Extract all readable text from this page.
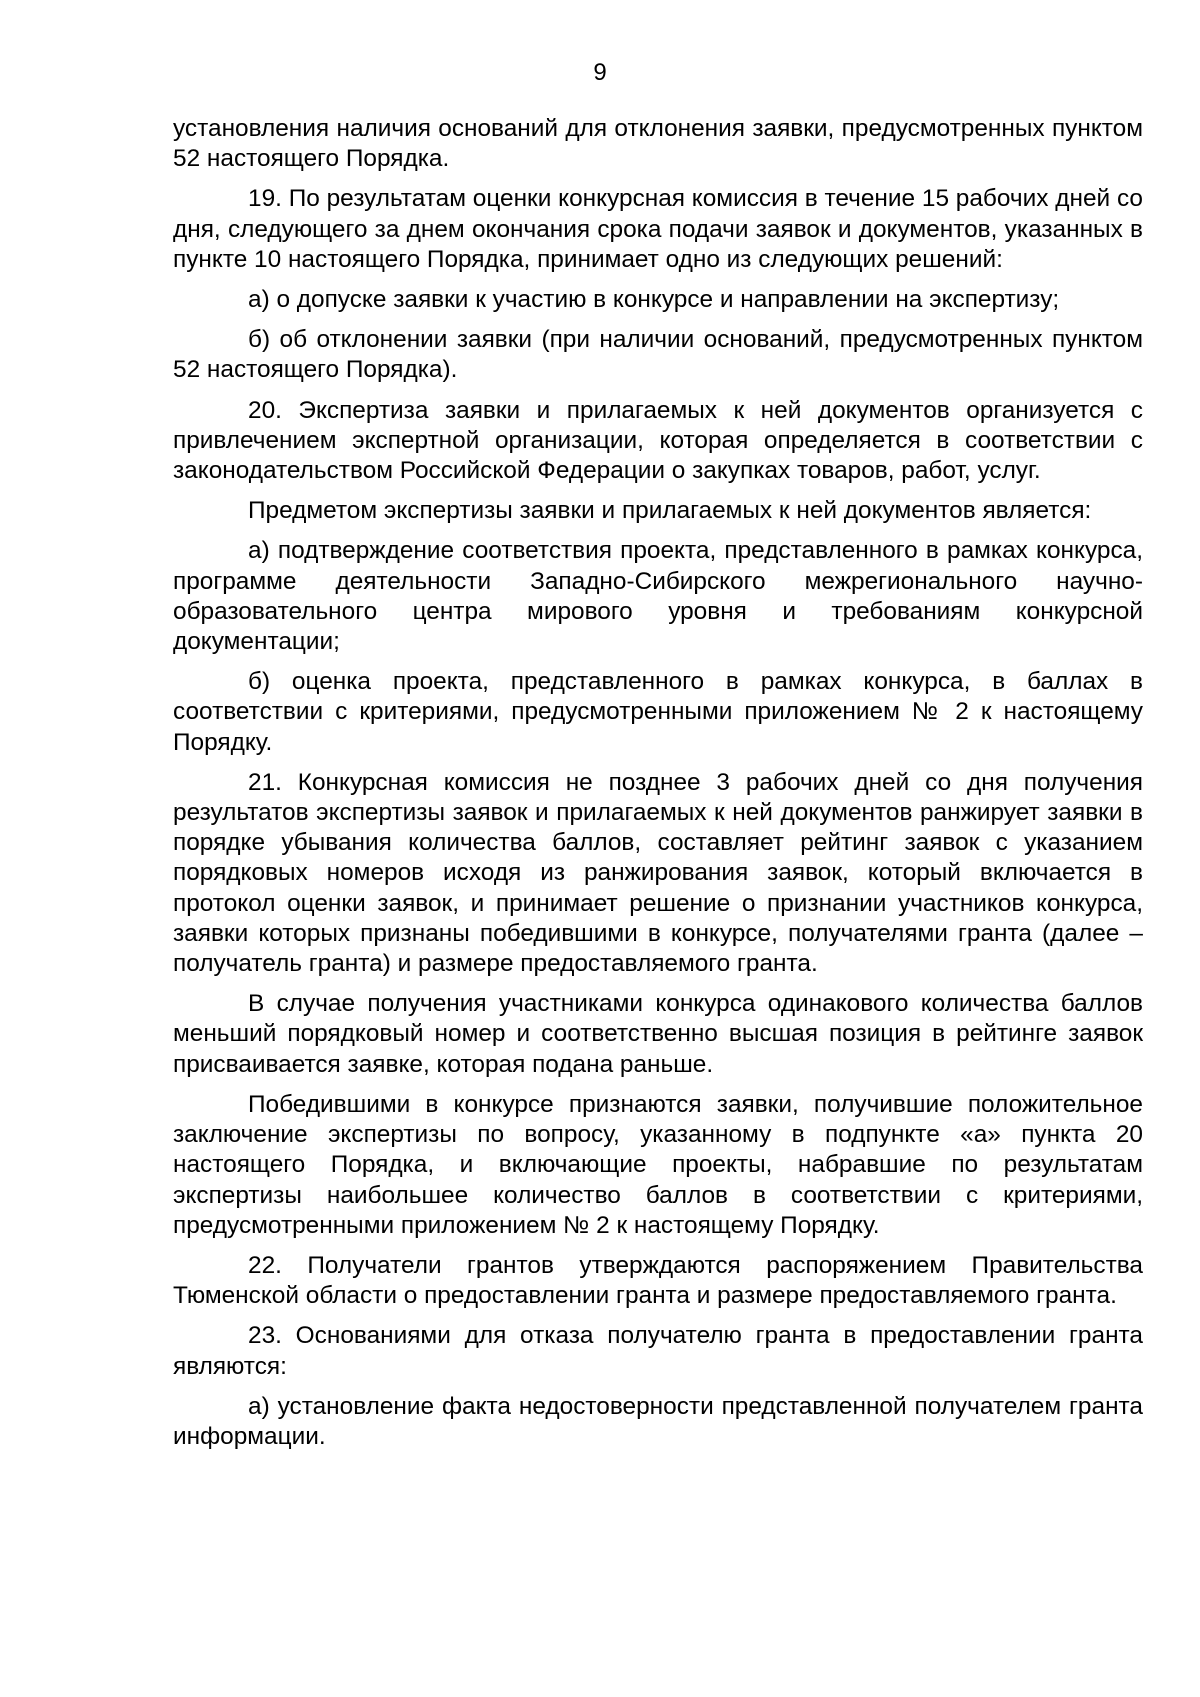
9

установления наличия оснований для отклонения заявки, предусмотренных пунктом 52 настоящего Порядка.

19. По результатам оценки конкурсная комиссия в течение 15 рабочих дней со дня, следующего за днем окончания срока подачи заявок и документов, указанных в пункте 10 настоящего Порядка, принимает одно из следующих решений:

а) о допуске заявки к участию в конкурсе и направлении на экспертизу;

б) об отклонении заявки (при наличии оснований, предусмотренных пунктом 52 настоящего Порядка).

20. Экспертиза заявки и прилагаемых к ней документов организуется с привлечением экспертной организации, которая определяется в соответствии с законодательством Российской Федерации о закупках товаров, работ, услуг.

Предметом экспертизы заявки и прилагаемых к ней документов является:

а) подтверждение соответствия проекта, представленного в рамках конкурса, программе деятельности Западно-Сибирского межрегионального научно-образовательного центра мирового уровня и требованиям конкурсной документации;

б) оценка проекта, представленного в рамках конкурса, в баллах в соответствии с критериями, предусмотренными приложением № 2 к настоящему Порядку.

21. Конкурсная комиссия не позднее 3 рабочих дней со дня получения результатов экспертизы заявок и прилагаемых к ней документов ранжирует заявки в порядке убывания количества баллов, составляет рейтинг заявок с указанием порядковых номеров исходя из ранжирования заявок, который включается в протокол оценки заявок, и принимает решение о признании участников конкурса, заявки которых признаны победившими в конкурсе, получателями гранта (далее – получатель гранта) и размере предоставляемого гранта.

В случае получения участниками конкурса одинакового количества баллов меньший порядковый номер и соответственно высшая позиция в рейтинге заявок присваивается заявке, которая подана раньше.

Победившими в конкурсе признаются заявки, получившие положительное заключение экспертизы по вопросу, указанному в подпункте «а» пункта 20 настоящего Порядка, и включающие проекты, набравшие по результатам экспертизы наибольшее количество баллов в соответствии с критериями, предусмотренными приложением № 2 к настоящему Порядку.

22. Получатели грантов утверждаются распоряжением Правительства Тюменской области о предоставлении гранта и размере предоставляемого гранта.

23. Основаниями для отказа получателю гранта в предоставлении гранта являются:

а) установление факта недостоверности представленной получателем гранта информации.
